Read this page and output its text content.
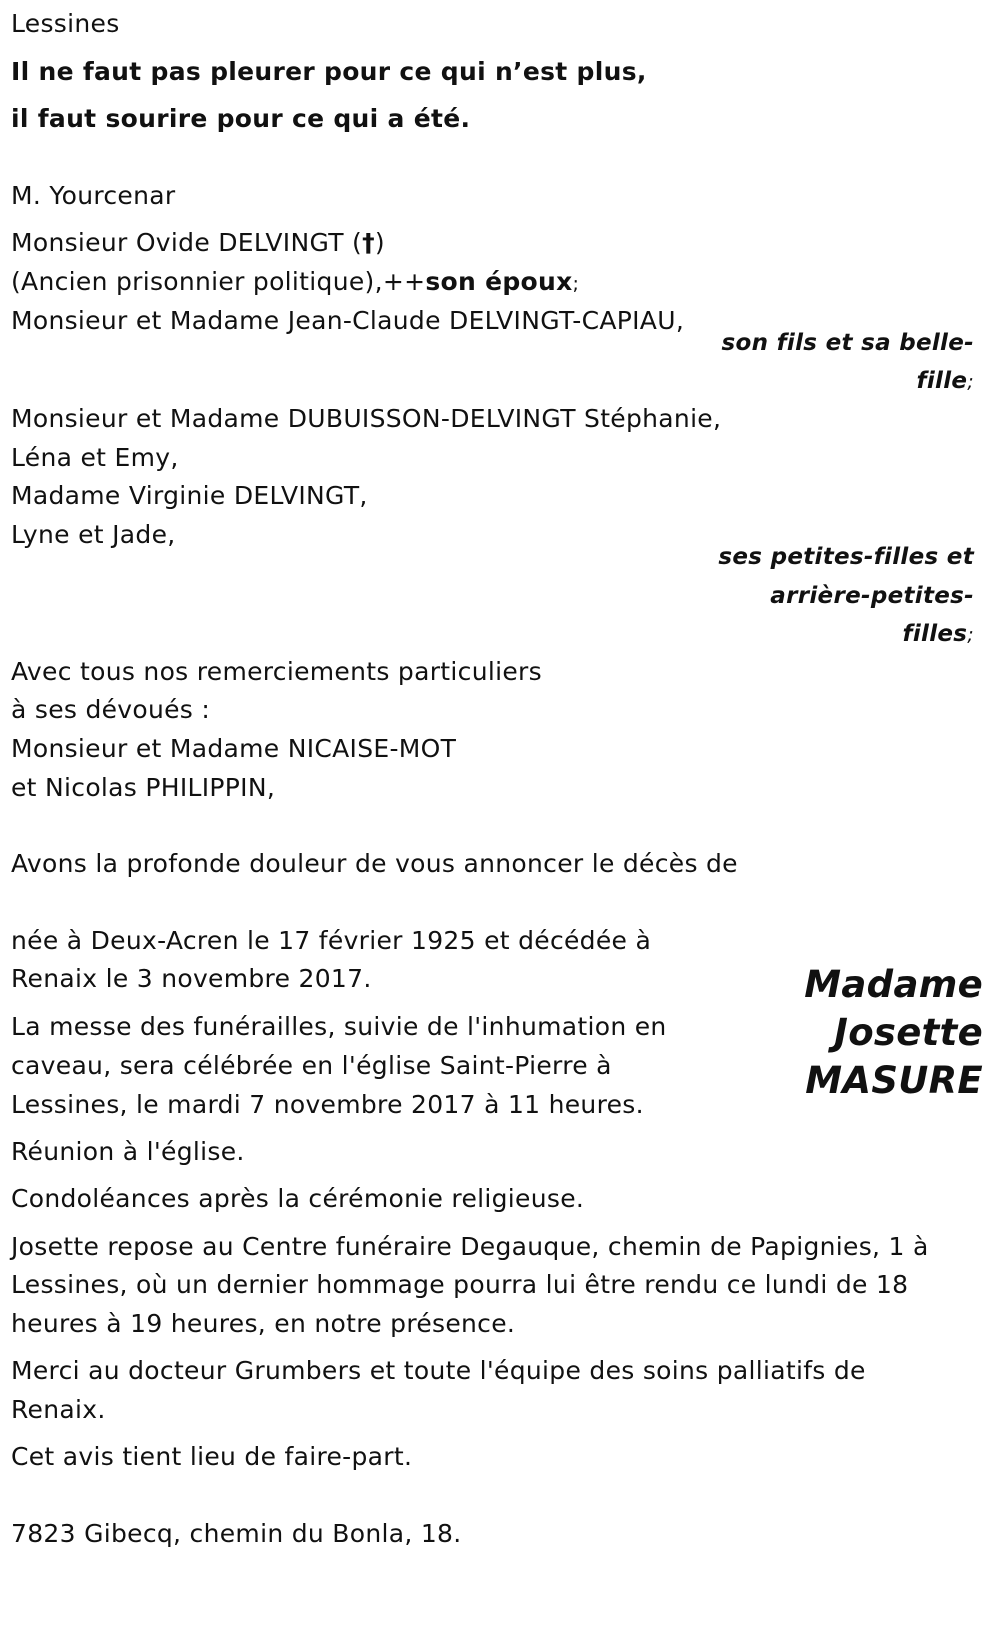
Lessines
Il ne faut pas pleurer pour ce qui n’est plus,
il faut sourire pour ce qui a été.
M. Yourcenar
Monsieur Ovide DELVINGT (†)
(Ancien prisonnier politique),++son époux;
Monsieur et Madame Jean-Claude DELVINGT-CAPIAU,
son fils et sa belle-
fille;
Monsieur et Madame DUBUISSON-DELVINGT Stéphanie,
Léna et Emy,
Madame Virginie DELVINGT,
Lyne et Jade,
ses petites-filles et
arrière-petites-
filles;
Avec tous nos remerciements particuliers
à ses dévoués :
Monsieur et Madame NICAISE-MOT
et Nicolas PHILIPPIN,
Avons la profonde douleur de vous annoncer le décès de
née à Deux-Acren le 17 février 1925 et décédée à
Renaix le 3 novembre 2017.
La messe des funérailles, suivie de l'inhumation en
caveau, sera célébrée en l'église Saint-Pierre à
Lessines, le mardi 7 novembre 2017 à 11 heures.
Réunion à l'église.
Condoléances après la cérémonie religieuse.
Josette repose au Centre funéraire Degauque, chemin de Papignies, 1 à
Lessines, où un dernier hommage pourra lui être rendu ce lundi de 18
heures à 19 heures, en notre présence.
Merci au docteur Grumbers et toute l'équipe des soins palliatifs de
Renaix.
Cet avis tient lieu de faire-part.
7823 Gibecq, chemin du Bonla, 18.
Madame
Josette
MASURE
